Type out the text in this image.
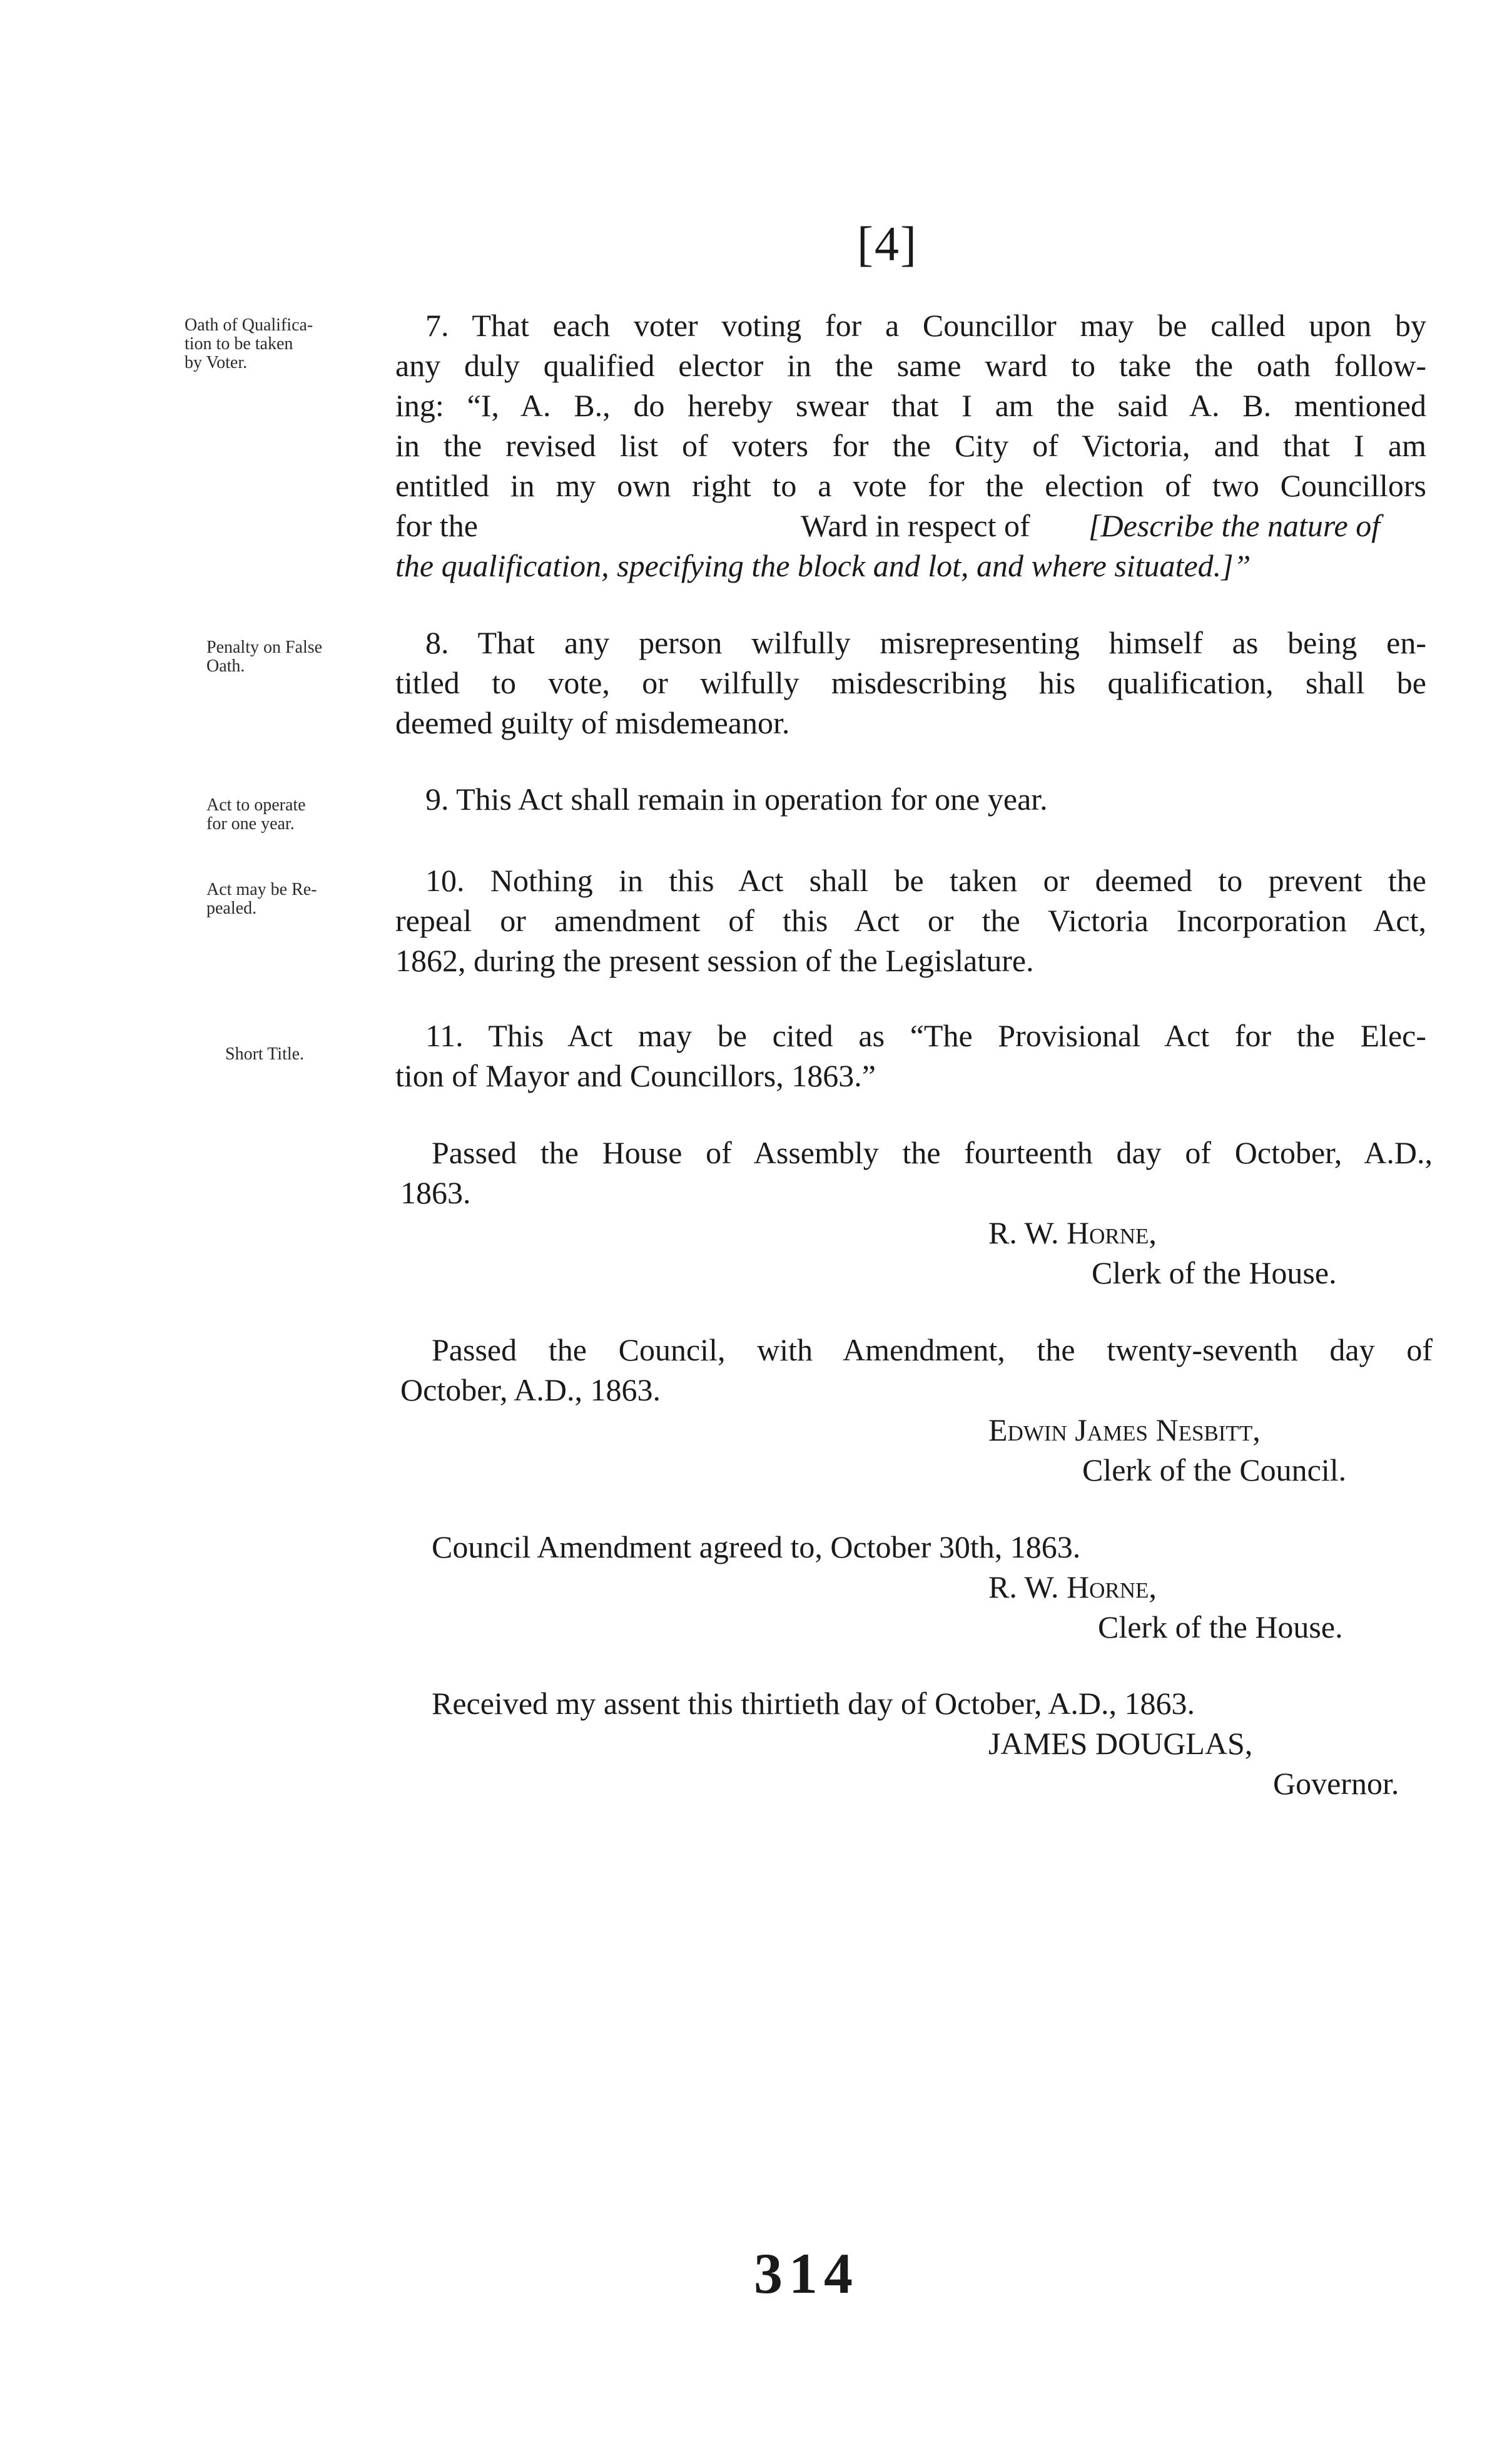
[4]
Oath of Qualifica-
tion to be taken
by Voter.
7. That each voter voting for a Councillor may be called upon by
any duly qualified elector in the same ward to take the oath follow-
ing: “I, A. B., do hereby swear that I am the said A. B. mentioned
in the revised list of voters for the City of Victoria, and that I am
entitled in my own right to a vote for the election of two Councillors
for the	Ward in respect of [Describe the nature of
the qualification, specifying the block and lot, and where situated.]”
Penalty on False
Oath.
8. That any person wilfully misrepresenting himself as being en-
titled to vote, or wilfully misdescribing his qualification, shall be
deemed guilty of misdemeanor.
Act to operate
for one year.
9. This Act shall remain in operation for one year.
Act may be Re-
pealed.
10. Nothing in this Act shall be taken or deemed to prevent the
repeal or amendment of this Act or the Victoria Incorporation Act,
1862, during the present session of the Legislature.
Short Title.
11. This Act may be cited as “The Provisional Act for the Elec-
tion of Mayor and Councillors, 1863.”
Passed the House of Assembly the fourteenth day of October, A.D.,
1863.
R. W. Horne,
Clerk of the House.
Passed the Council, with Amendment, the twenty-seventh day of
October, A.D., 1863.
Edwin James Nesbitt,
Clerk of the Council.
Council Amendment agreed to, October 30th, 1863.
R. W. Horne,
Clerk of the House.
Received my assent this thirtieth day of October, A.D., 1863.
JAMES DOUGLAS,
Governor.
314
